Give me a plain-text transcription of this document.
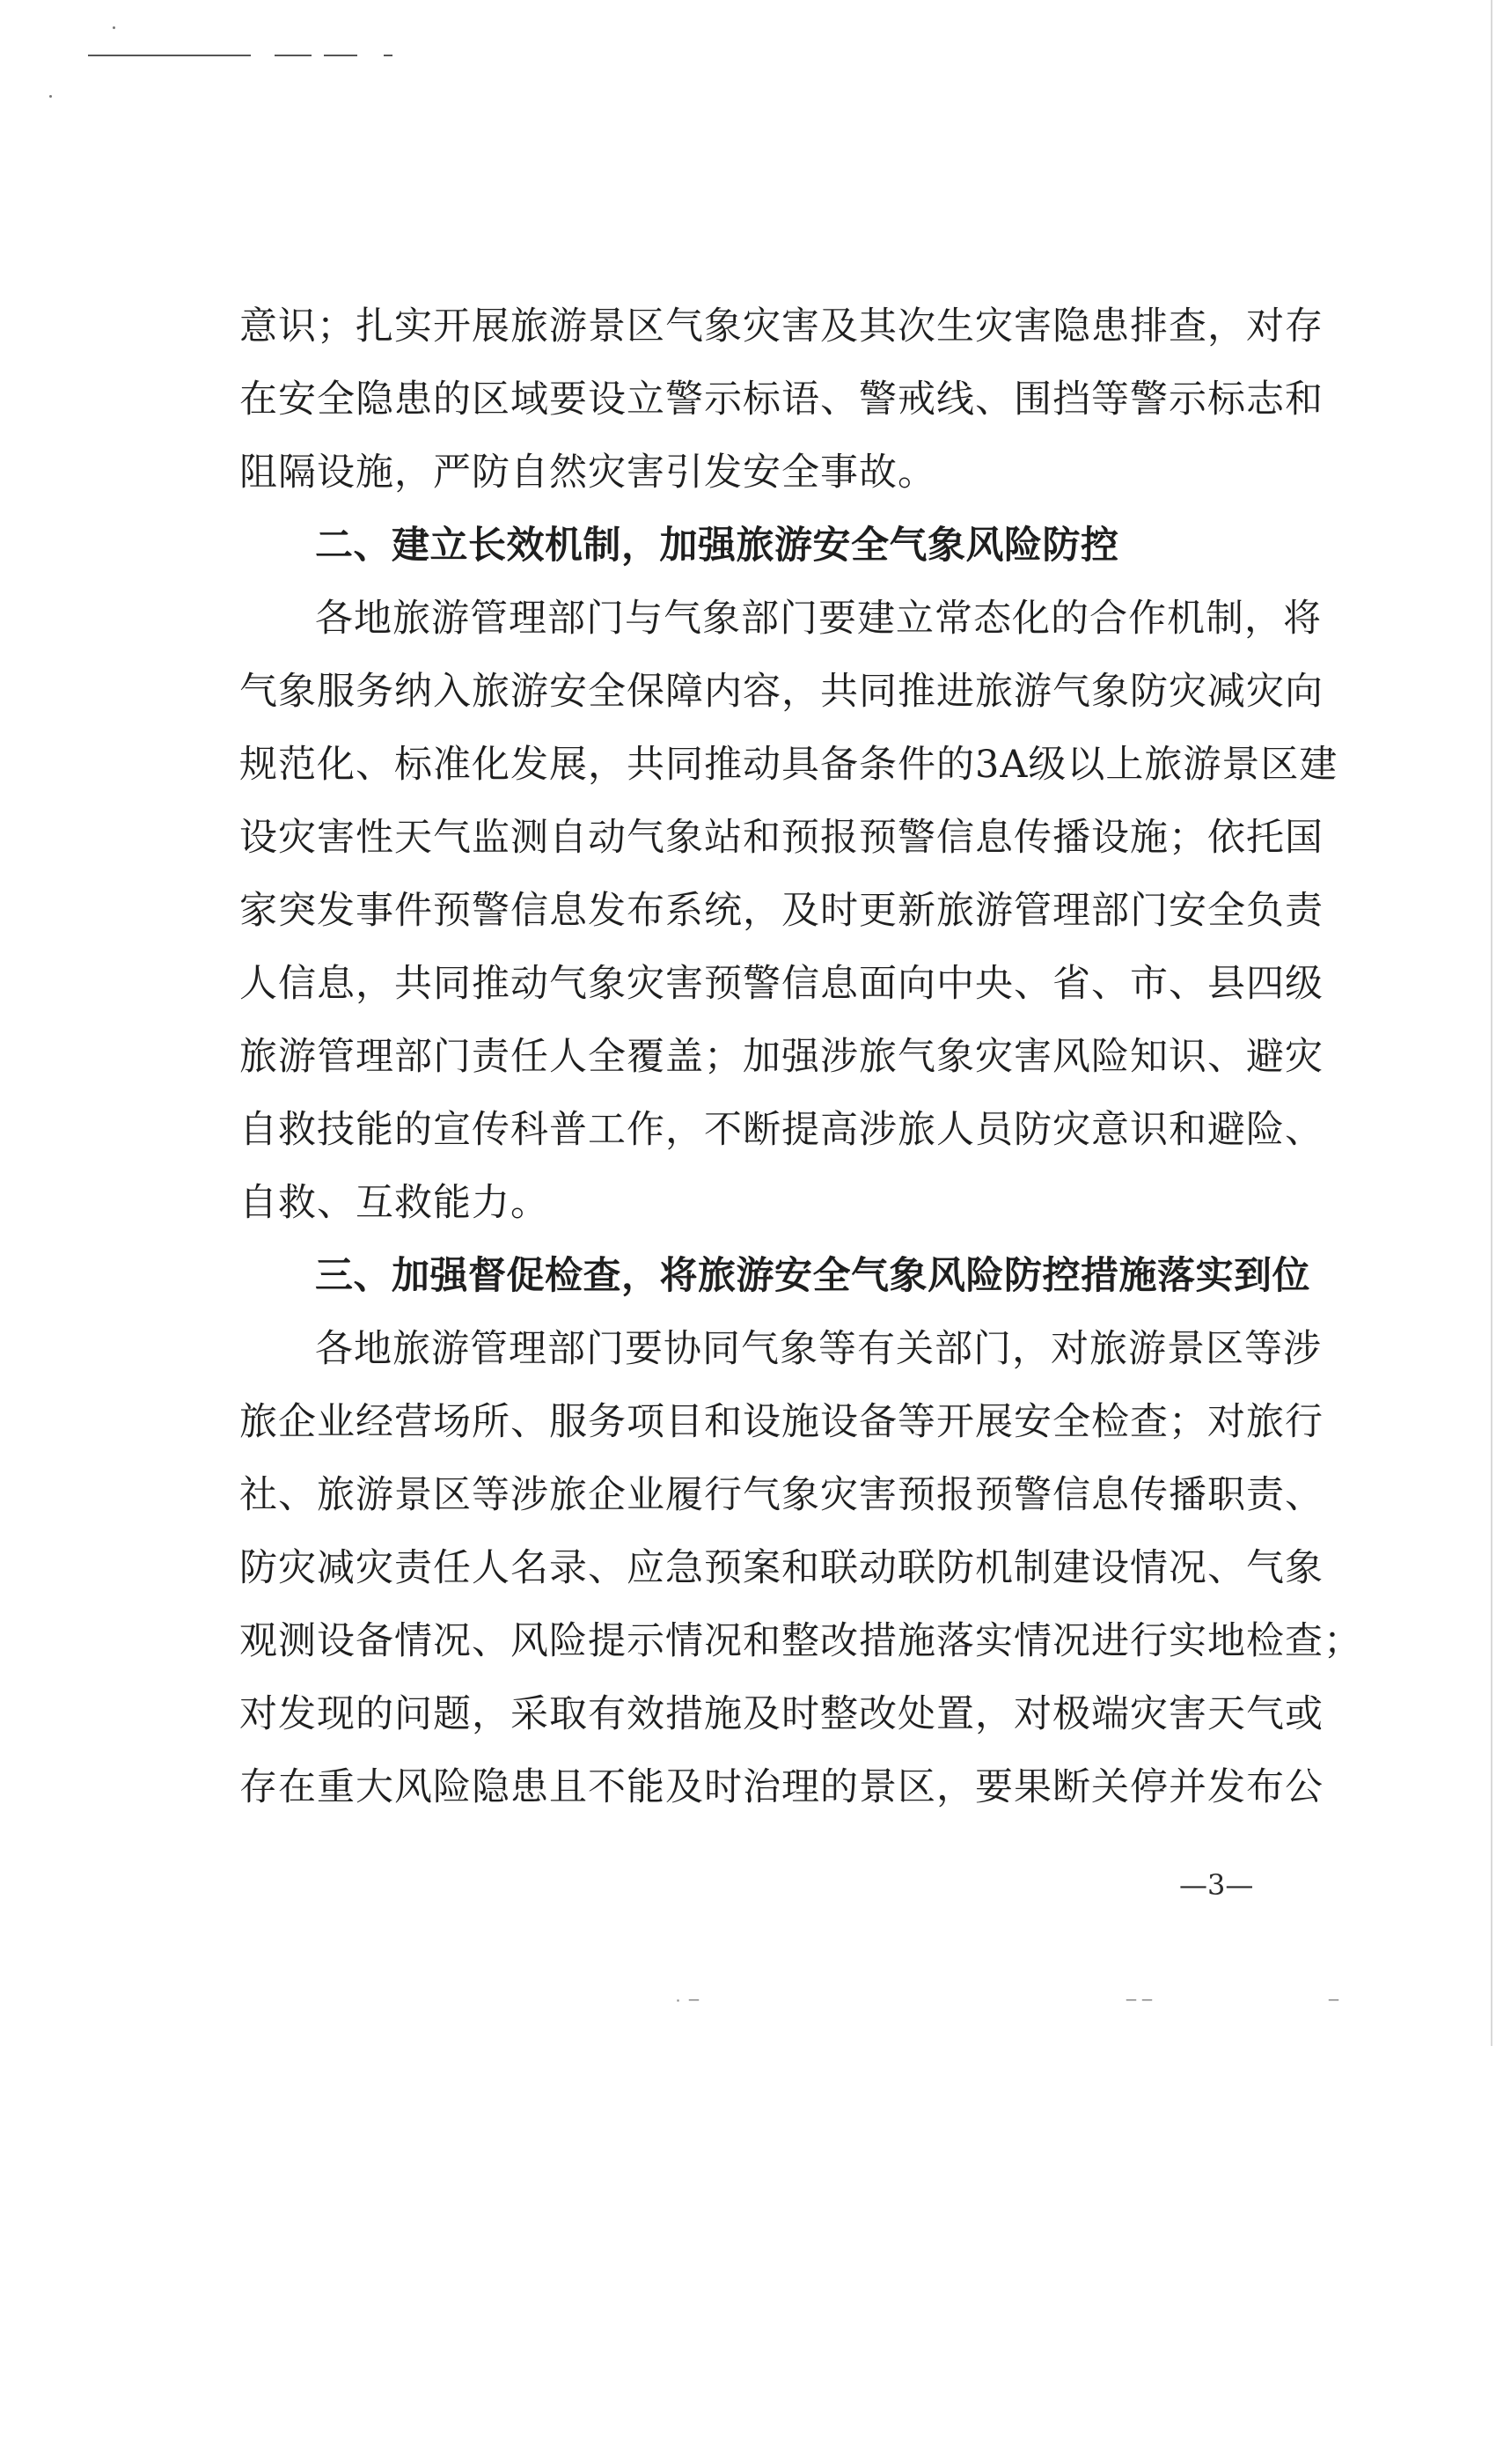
意识；扎实开展旅游景区气象灾害及其次生灾害隐患排查，对存
在安全隐患的区域要设立警示标语、警戒线、围挡等警示标志和
阻隔设施，严防自然灾害引发安全事故。
二、建立长效机制，加强旅游安全气象风险防控
各地旅游管理部门与气象部门要建立常态化的合作机制，将
气象服务纳入旅游安全保障内容，共同推进旅游气象防灾减灾向
规范化、标准化发展，共同推动具备条件的3A级以上旅游景区建
设灾害性天气监测自动气象站和预报预警信息传播设施；依托国
家突发事件预警信息发布系统，及时更新旅游管理部门安全负责
人信息，共同推动气象灾害预警信息面向中央、省、市、县四级
旅游管理部门责任人全覆盖；加强涉旅气象灾害风险知识、避灾
自救技能的宣传科普工作，不断提高涉旅人员防灾意识和避险、
自救、互救能力。
三、加强督促检查，将旅游安全气象风险防控措施落实到位
各地旅游管理部门要协同气象等有关部门，对旅游景区等涉
旅企业经营场所、服务项目和设施设备等开展安全检查；对旅行
社、旅游景区等涉旅企业履行气象灾害预报预警信息传播职责、
防灾减灾责任人名录、应急预案和联动联防机制建设情况、气象
观测设备情况、风险提示情况和整改措施落实情况进行实地检查；
对发现的问题，采取有效措施及时整改处置，对极端灾害天气或
存在重大风险隐患且不能及时治理的景区，要果断关停并发布公
—3—
˙ ‾	‾ ‾	‾
